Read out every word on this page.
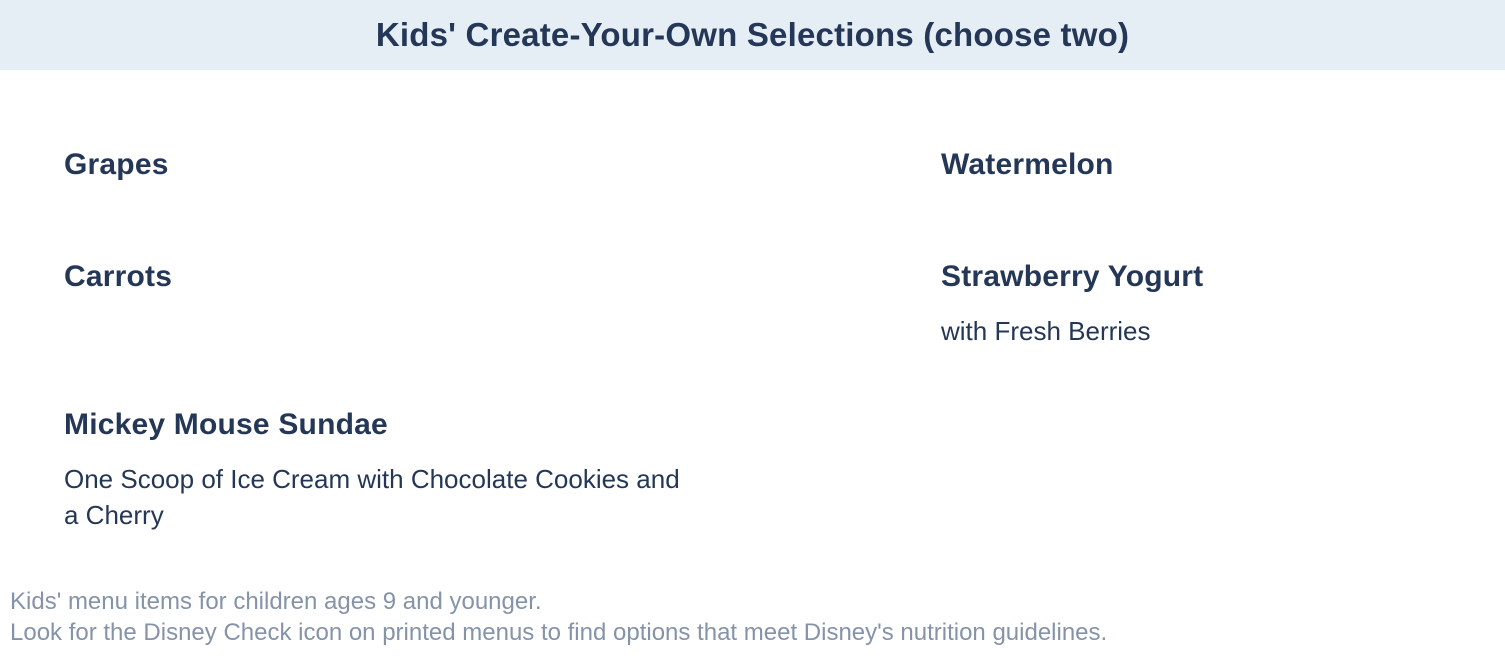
Kids' Create-Your-Own Selections (choose two)
Grapes
Carrots
Mickey Mouse Sundae
One Scoop of Ice Cream with Chocolate Cookies and a Cherry
Watermelon
Strawberry Yogurt
with Fresh Berries
Kids' menu items for children ages 9 and younger.
Look for the Disney Check icon on printed menus to find options that meet Disney's nutrition guidelines.
